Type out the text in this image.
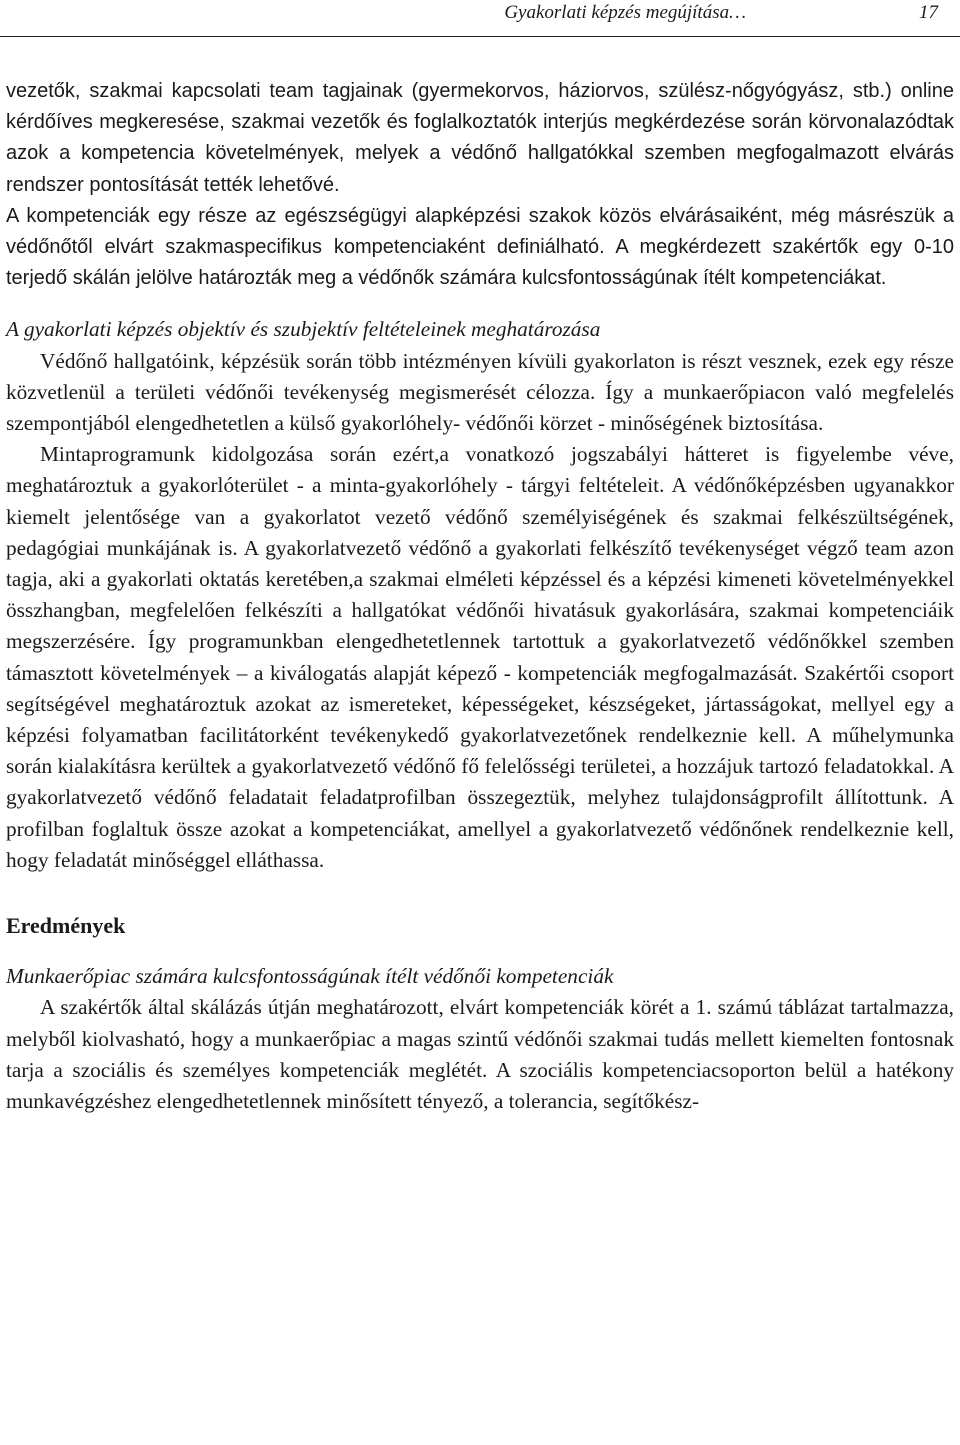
Gyakorlati képzés megújítása…	17

vezetők, szakmai kapcsolati team tagjainak (gyermekorvos, háziorvos, szülész-nőgyógyász, stb.) online kérdőíves megkeresése, szakmai vezetők és foglalkoztatók interjús megkérdezése során körvonalazódtak azok a kompetencia követelmények, melyek a védőnő hallgatókkal szemben megfogalmazott elvárás rendszer pontosítását tették lehetővé.

A kompetenciák egy része az egészségügyi alapképzési szakok közös elvárásaiként, még másrészük a védőnőtől elvárt szakmaspecifikus kompetenciaként definiálható. A megkérdezett szakértők egy 0-10 terjedő skálán jelölve határozták meg a védőnők számára kulcsfontosságúnak ítélt kompetenciákat.

A gyakorlati képzés objektív és szubjektív feltételeinek meghatározása

Védőnő hallgatóink, képzésük során több intézményen kívüli gyakorlaton is részt vesznek, ezek egy része közvetlenül a területi védőnői tevékenység megismerését célozza. Így a munkaerőpiacon való megfelelés szempontjából elengedhetetlen a külső gyakorlóhely- védőnői körzet - minőségének biztosítása.

Mintaprogramunk kidolgozása során ezért,a vonatkozó jogszabályi hátteret is figyelembe véve, meghatároztuk a gyakorlóterület - a minta-gyakorlóhely - tárgyi feltételeit. A védőnőképzésben ugyanakkor kiemelt jelentősége van a gyakorlatot vezető védőnő személyiségének és szakmai felkészültségének, pedagógiai munkájának is. A gyakorlatvezető védőnő a gyakorlati felkészítő tevékenységet végző team azon tagja, aki a gyakorlati oktatás keretében,a szakmai elméleti képzéssel és a képzési kimeneti követelményekkel összhangban, megfelelően felkészíti a hallgatókat védőnői hivatásuk gyakorlására, szakmai kompetenciáik megszerzésére. Így programunkban elengedhetetlennek tartottuk a gyakorlatvezető védőnőkkel szemben támasztott követelmények – a kiválogatás alapját képező - kompetenciák megfogalmazását. Szakértői csoport segítségével meghatároztuk azokat az ismereteket, képességeket, készségeket, jártasságokat, mellyel egy a képzési folyamatban facilitátorként tevékenykedő gyakorlatvezetőnek rendelkeznie kell. A műhelymunka során kialakításra kerültek a gyakorlatvezető védőnő fő felelősségi területei, a hozzájuk tartozó feladatokkal. A gyakorlatvezető védőnő feladatait feladatprofilban összegeztük, melyhez tulajdonságprofilt állítottunk. A profilban foglaltuk össze azokat a kompetenciákat, amellyel a gyakorlatvezető védőnőnek rendelkeznie kell, hogy feladatát minőséggel elláthassa.

Eredmények

Munkaerőpiac számára kulcsfontosságúnak ítélt védőnői kompetenciák

A szakértők által skálázás útján meghatározott, elvárt kompetenciák körét a 1. számú táblázat tartalmazza, melyből kiolvasható, hogy a munkaerőpiac a magas szintű védőnői szakmai tudás mellett kiemelten fontosnak tarja a szociális és személyes kompetenciák meglétét. A szociális kompetenciacsoporton belül a hatékony munkavégzéshez elengedhetetlennek minősített tényező, a tolerancia, segítőkész-
